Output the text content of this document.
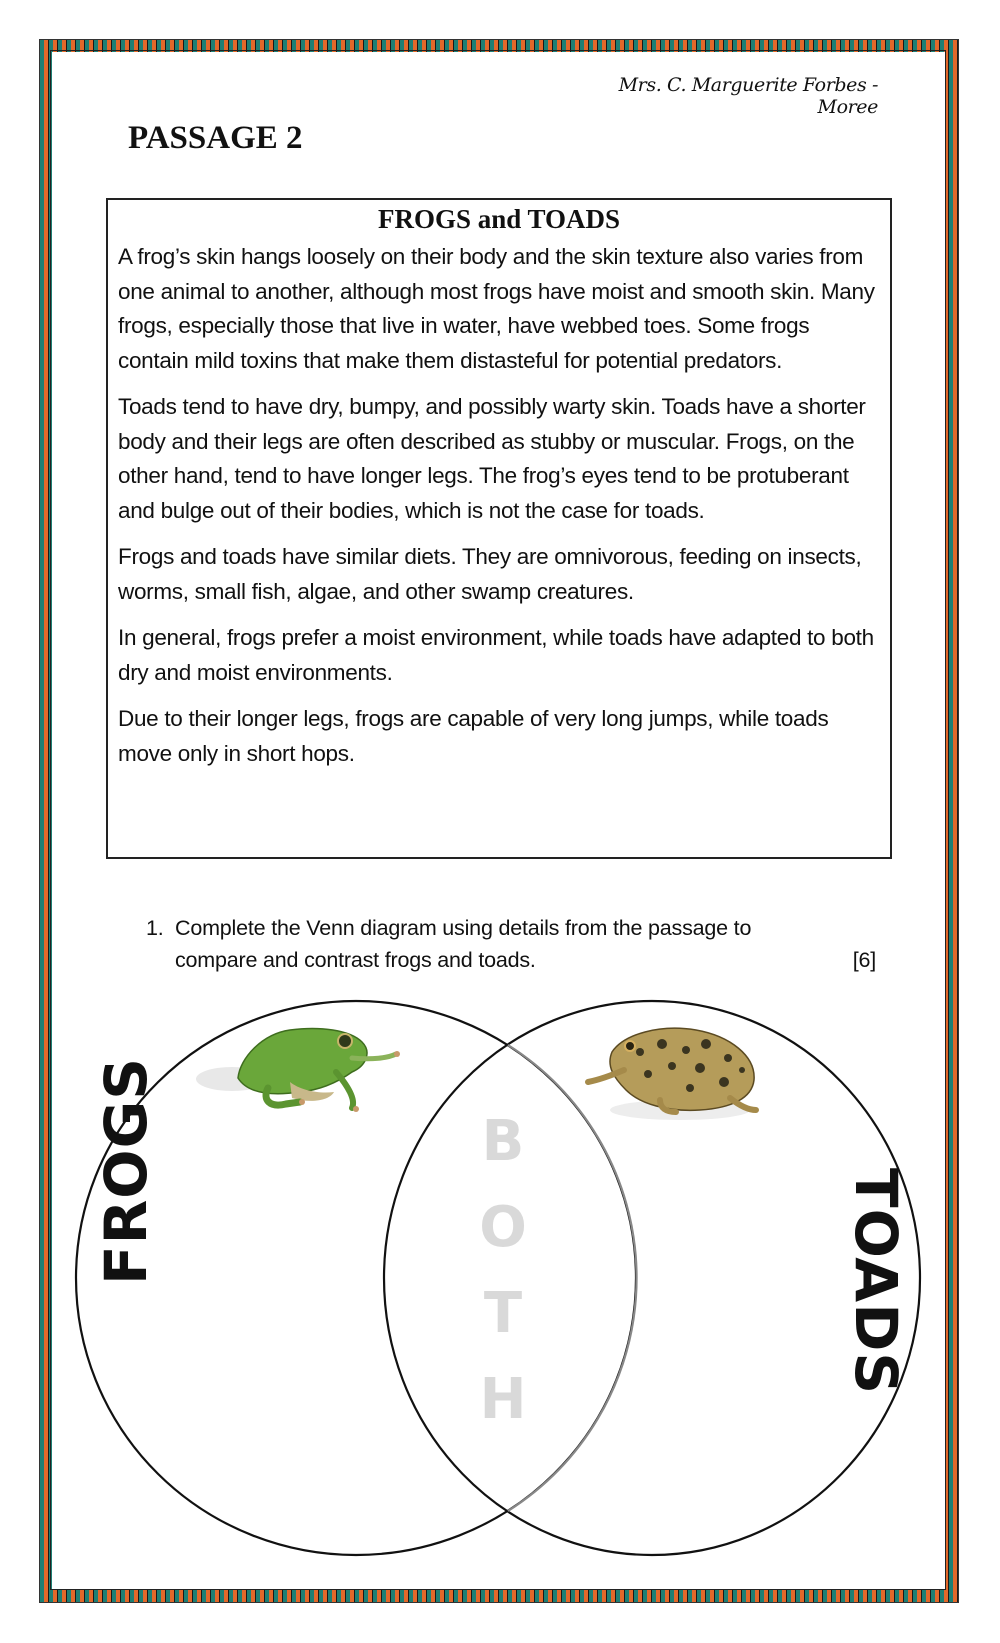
Mrs. C. Marguerite Forbes - Moree
PASSAGE 2
FROGS and TOADS

A frog’s skin hangs loosely on their body and the skin texture also varies from one animal to another, although most frogs have moist and smooth skin. Many frogs, especially those that live in water, have webbed toes. Some frogs contain mild toxins that make them distasteful for potential predators.

Toads tend to have dry, bumpy, and possibly warty skin. Toads have a shorter body and their legs are often described as stubby or muscular. Frogs, on the other hand, tend to have longer legs. The frog’s eyes tend to be protuberant and bulge out of their bodies, which is not the case for toads.

Frogs and toads have similar diets. They are omnivorous, feeding on insects, worms, small fish, algae, and other swamp creatures.

In general, frogs prefer a moist environment, while toads have adapted to both dry and moist environments.

Due to their longer legs, frogs are capable of very long jumps, while toads move only in short hops.

1. Complete the Venn diagram using details from the passage to compare and contrast frogs and toads.	[6]
FROGS	TOADS
B
O
T
H
